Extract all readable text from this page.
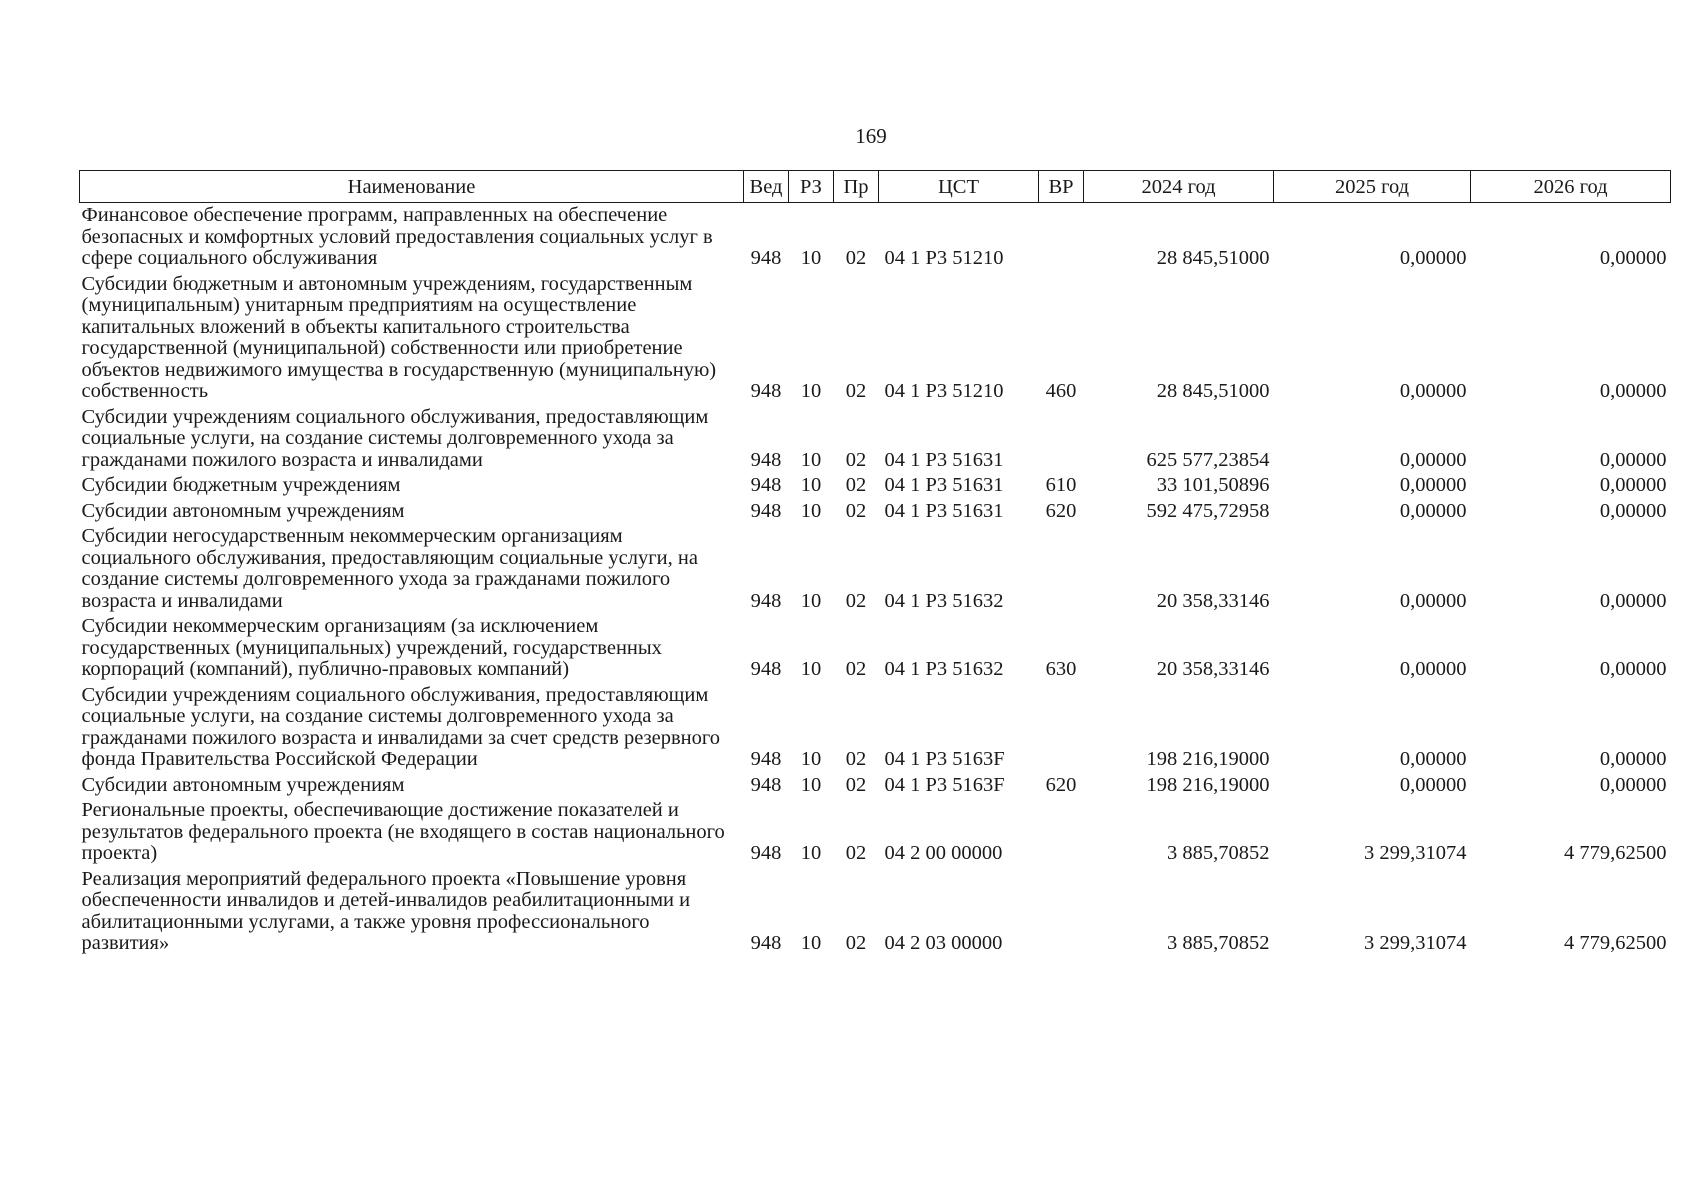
169
Наименование	Вед	РЗ	Пр	ЦСТ	ВР	2024 год	2025 год	2026 год
Финансовое обеспечение программ, направленных на обеспечение безопасных и комфортных условий предоставления социальных услуг в сфере социального обслуживания	948	10	02	04 1 Р3 51210		28 845,51000	0,00000	0,00000
Субсидии бюджетным и автономным учреждениям, государственным (муниципальным) унитарным предприятиям на осуществление капитальных вложений в объекты капитального строительства государственной (муниципальной) собственности или приобретение объектов недвижимого имущества в государственную (муниципальную) собственность	948	10	02	04 1 Р3 51210	460	28 845,51000	0,00000	0,00000
Субсидии учреждениям социального обслуживания, предоставляющим социальные услуги, на создание системы долговременного ухода за гражданами пожилого возраста и инвалидами	948	10	02	04 1 Р3 51631		625 577,23854	0,00000	0,00000
Субсидии бюджетным учреждениям	948	10	02	04 1 Р3 51631	610	33 101,50896	0,00000	0,00000
Субсидии автономным учреждениям	948	10	02	04 1 Р3 51631	620	592 475,72958	0,00000	0,00000
Субсидии негосударственным некоммерческим организациям социального обслуживания, предоставляющим социальные услуги, на создание системы долговременного ухода за гражданами пожилого возраста и инвалидами	948	10	02	04 1 Р3 51632		20 358,33146	0,00000	0,00000
Субсидии некоммерческим организациям (за исключением государственных (муниципальных) учреждений, государственных корпораций (компаний), публично-правовых компаний)	948	10	02	04 1 Р3 51632	630	20 358,33146	0,00000	0,00000
Субсидии учреждениям социального обслуживания, предоставляющим социальные услуги, на создание системы долговременного ухода за гражданами пожилого возраста и инвалидами за счет средств резервного фонда Правительства Российской Федерации	948	10	02	04 1 Р3 5163F		198 216,19000	0,00000	0,00000
Субсидии автономным учреждениям	948	10	02	04 1 Р3 5163F	620	198 216,19000	0,00000	0,00000
Региональные проекты, обеспечивающие достижение показателей и результатов федерального проекта (не входящего в состав национального проекта)	948	10	02	04 2 00 00000		3 885,70852	3 299,31074	4 779,62500
Реализация мероприятий федерального проекта «Повышение уровня обеспеченности инвалидов и детей-инвалидов реабилитационными и абилитационными услугами, а также уровня профессионального развития»	948	10	02	04 2 03 00000		3 885,70852	3 299,31074	4 779,62500
